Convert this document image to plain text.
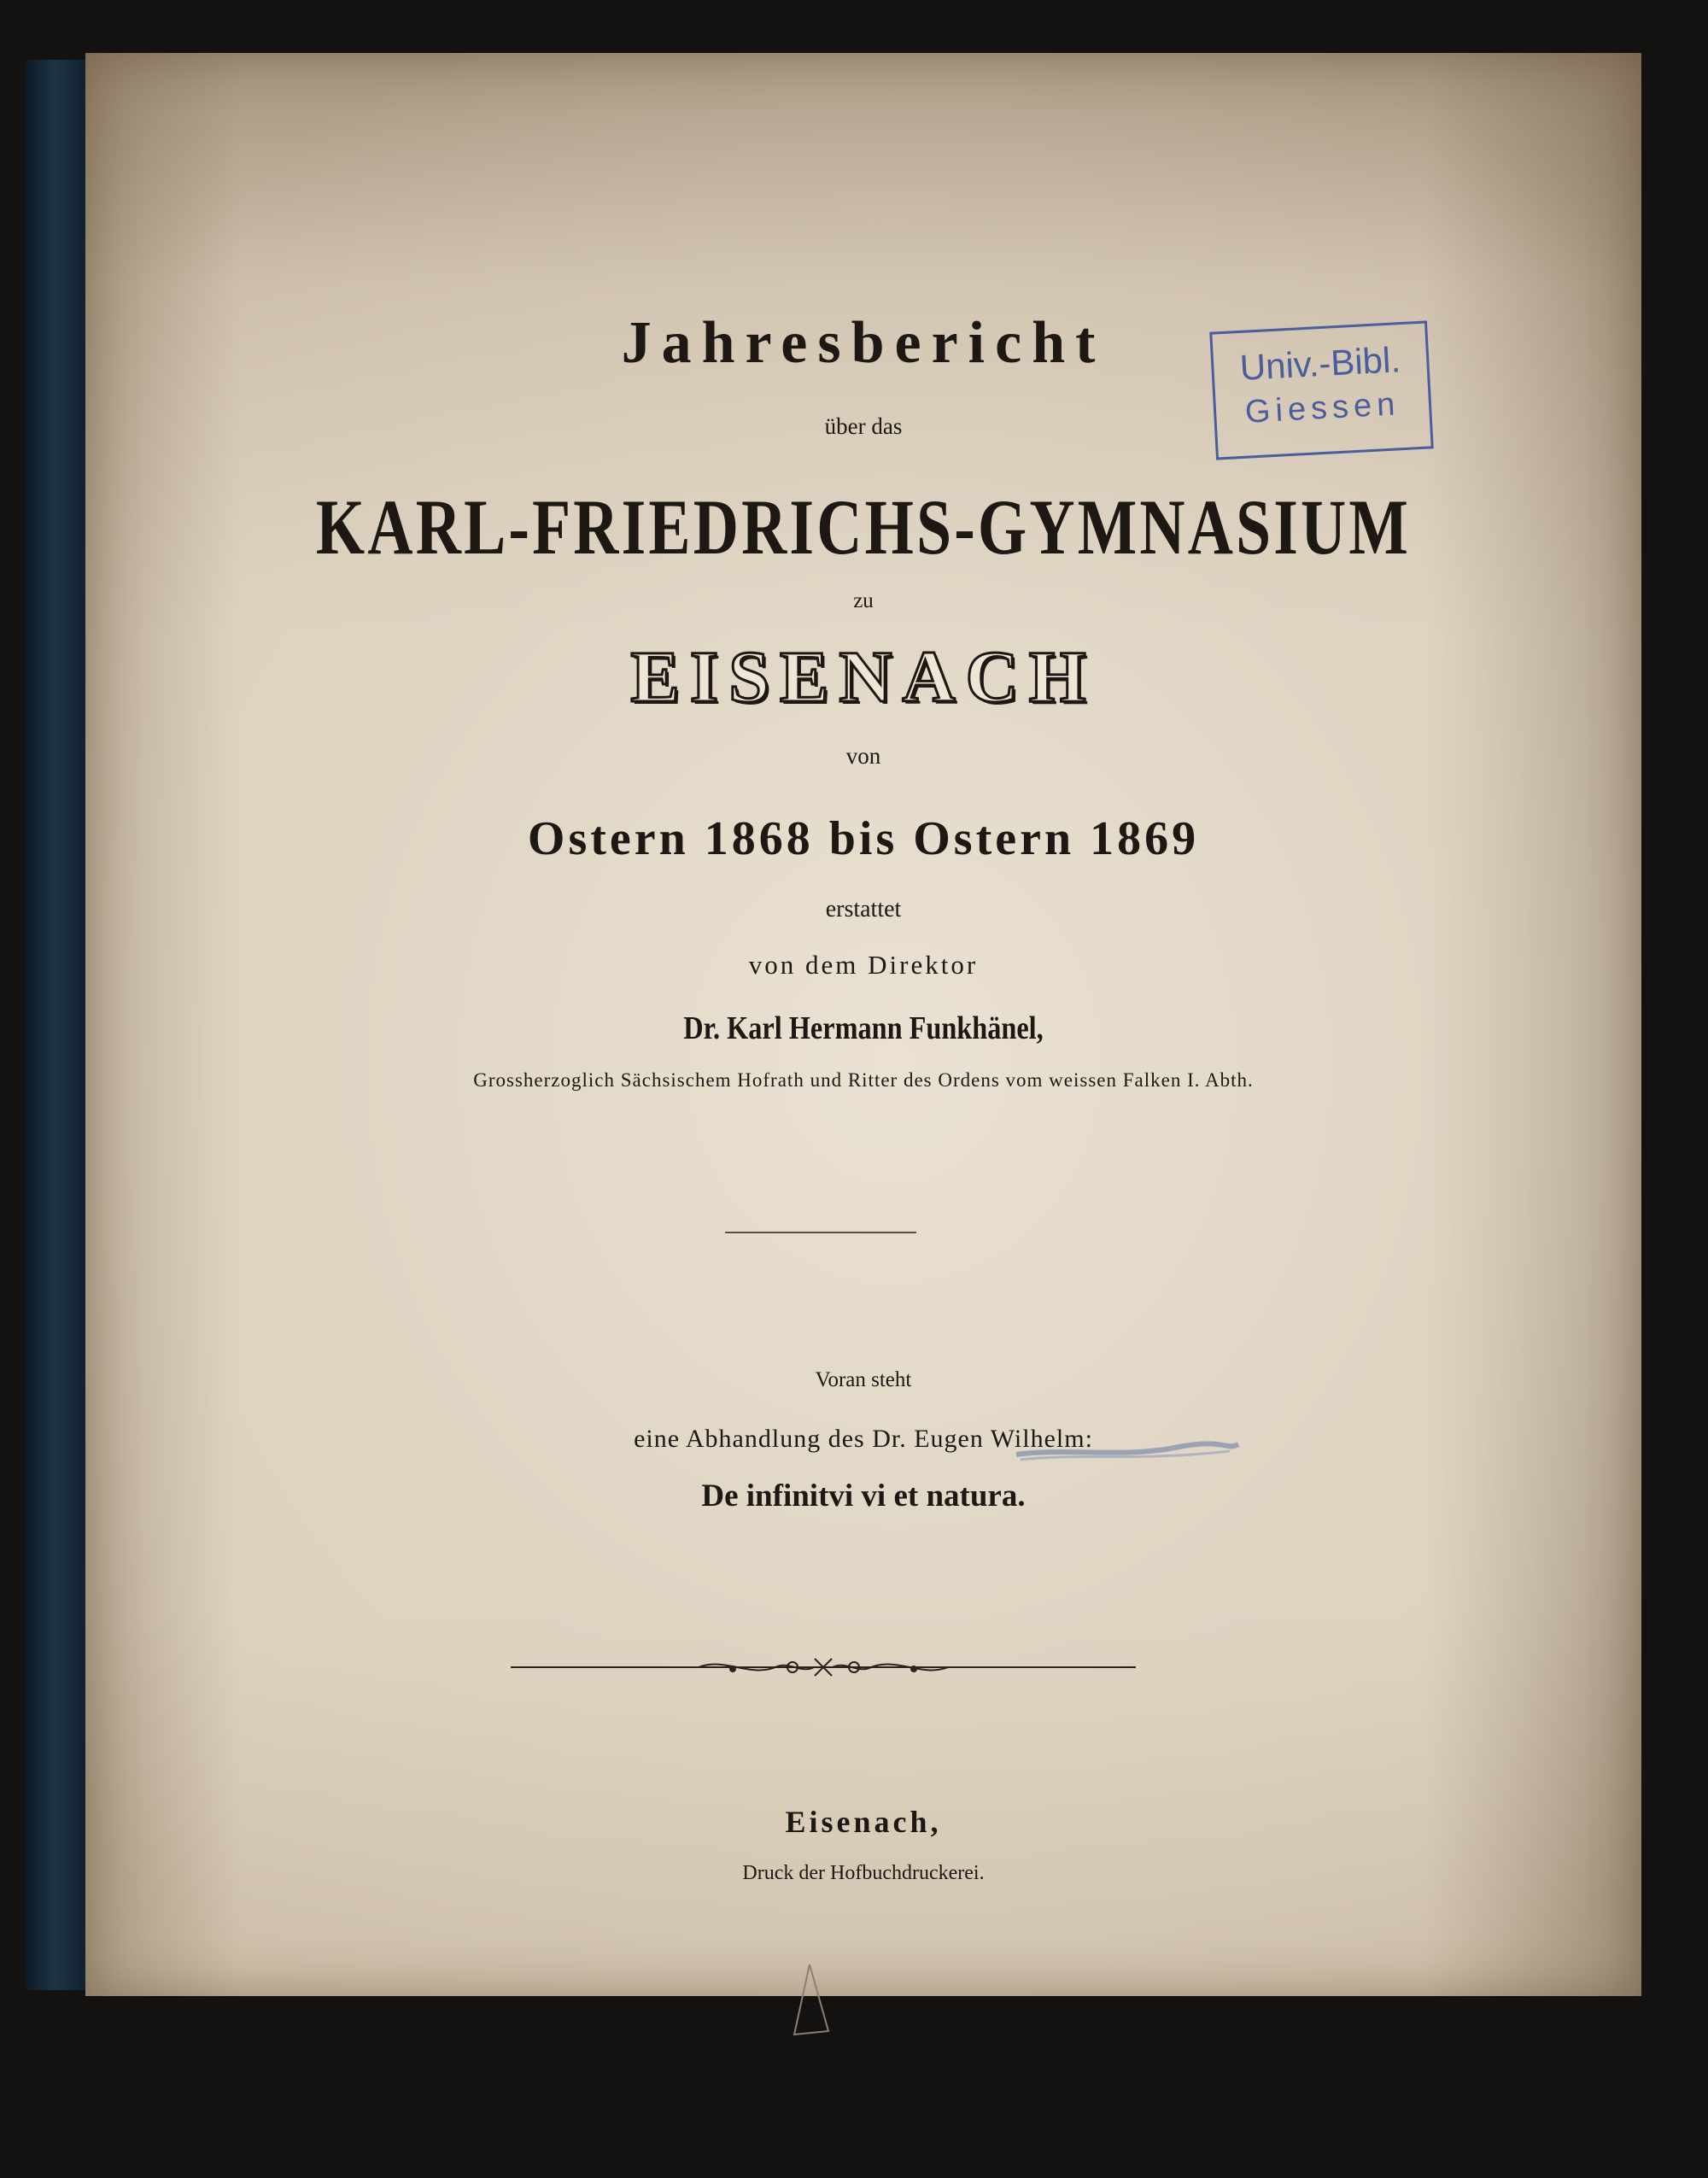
Jahresbericht
über das
KARL-FRIEDRICHS-GYMNASIUM
zu
EISENACH
von
Ostern 1868 bis Ostern 1869
erstattet
von dem Direktor
Dr. Karl Hermann Funkhänel,
Grossherzoglich Sächsischem Hofrath und Ritter des Ordens vom weissen Falken I. Abth.
Voran steht
eine Abhandlung des Dr. Eugen Wilhelm:
De infinitvi vi et natura.
Eisenach,
Druck der Hofbuchdruckerei.
Univ.-Bibl.
Giessen
